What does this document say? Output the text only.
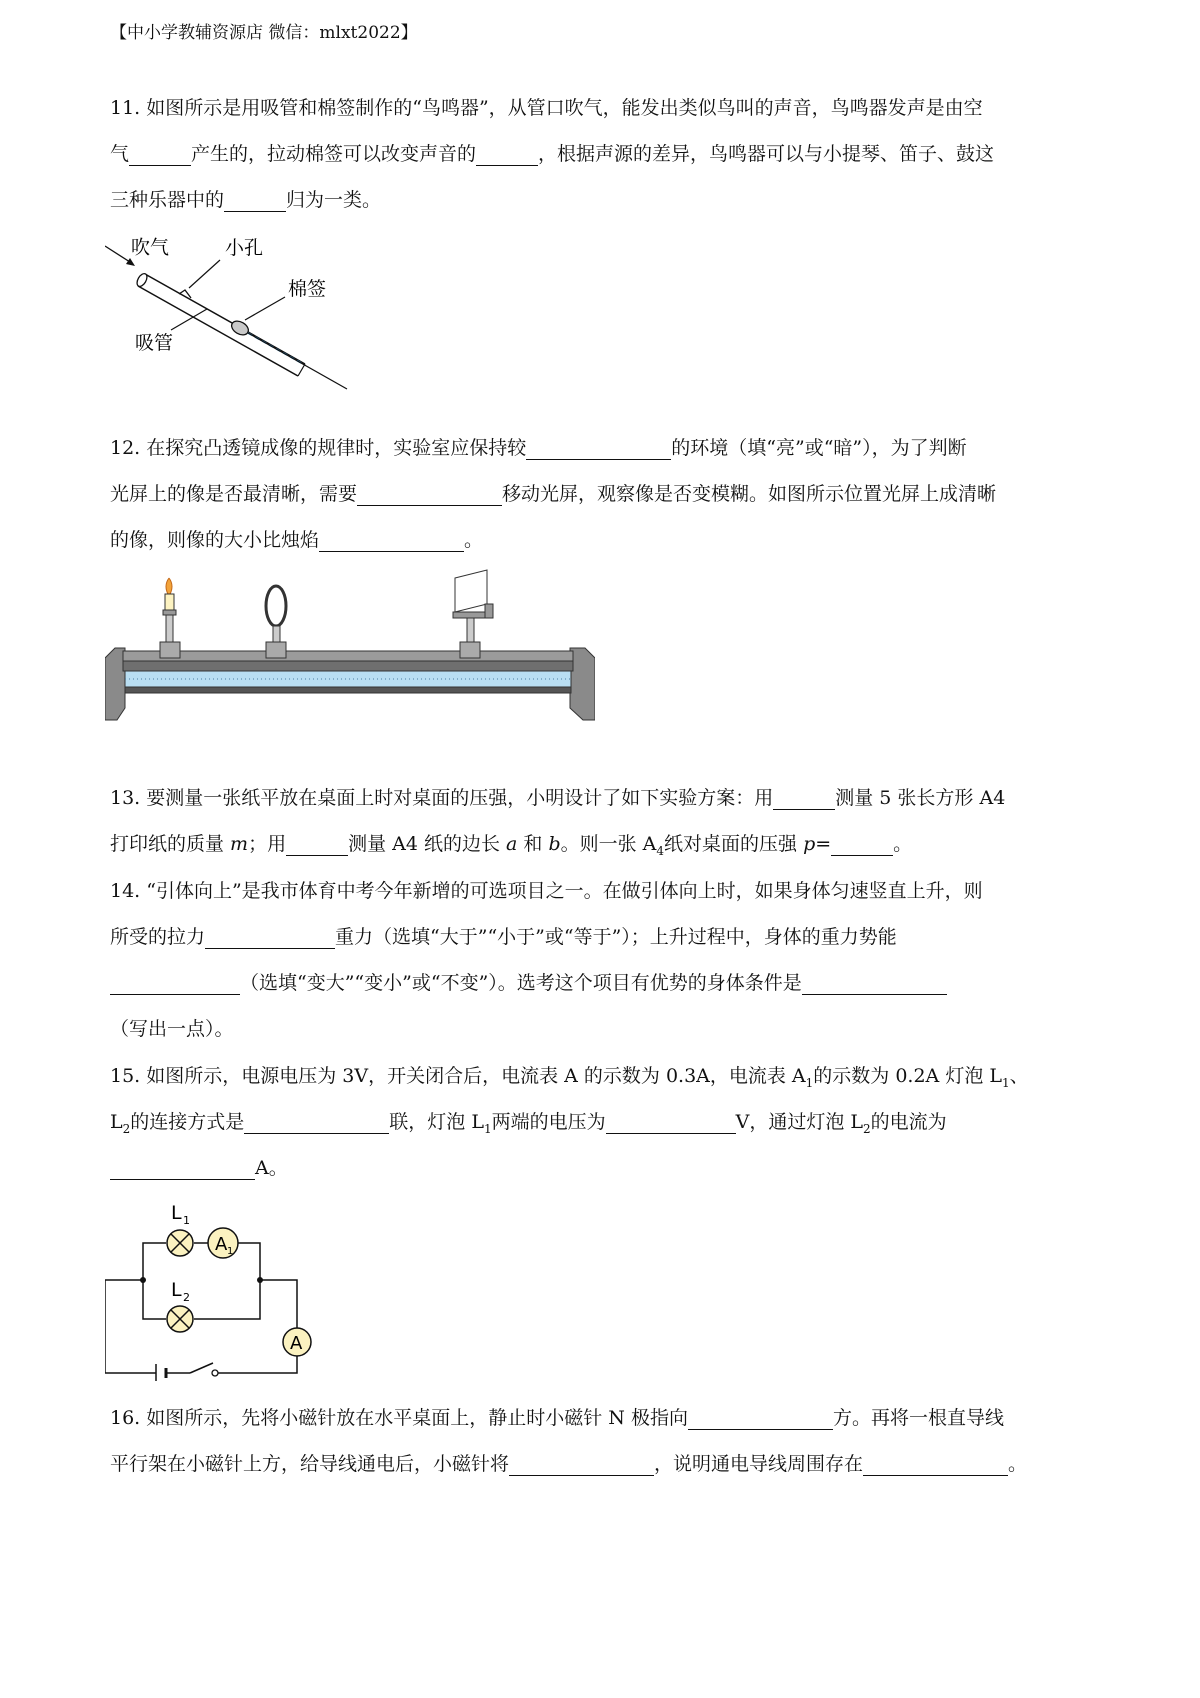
【中小学教辅资源店 微信：mlxt2022】
11. 如图所示是用吸管和棉签制作的“鸟鸣器”，从管口吹气，能发出类似鸟叫的声音，鸟鸣器发声是由空
气	产生的，拉动棉签可以改变声音的	，根据声源的差异，鸟鸣器可以与小提琴、笛子、鼓这
三种乐器中的	归为一类。
吹气	小孔
棉签
吸管
12. 在探究凸透镜成像的规律时，实验室应保持较	的环境（填“亮”或“暗”），为了判断
光屏上的像是否最清晰，需要	移动光屏，观察像是否变模糊。如图所示位置光屏上成清晰
的像，则像的大小比烛焰	。
13. 要测量一张纸平放在桌面上时对桌面的压强，小明设计了如下实验方案：用	测量 5 张长方形 A4
打印纸的质量 m；用	测量 A4 纸的边长 a 和 b。则一张 $A_4$纸对桌面的压强 p=	。
14. “引体向上”是我市体育中考今年新增的可选项目之一。在做引体向上时，如果身体匀速竖直上升，则
所受的拉力	重力（选填“大于”“小于”或“等于”）；上升过程中，身体的重力势能
（选填“变大”“变小”或“不变”）。选考这个项目有优势的身体条件是
（写出一点）。
15. 如图所示，电源电压为 3V，开关闭合后，电流表 A 的示数为 0.3A，电流表 $A_1$的示数为 0.2A 灯泡 $L_1$、
$L_2$的连接方式是	联，灯泡 $L_1$两端的电压为	V，通过灯泡 $L_2$的电流为
A。
A 1
A
L 1
L 2
16. 如图所示，先将小磁针放在水平桌面上，静止时小磁针 N 极指向	方。再将一根直导线
平行架在小磁针上方，给导线通电后，小磁针将	，说明通电导线周围存在	。
